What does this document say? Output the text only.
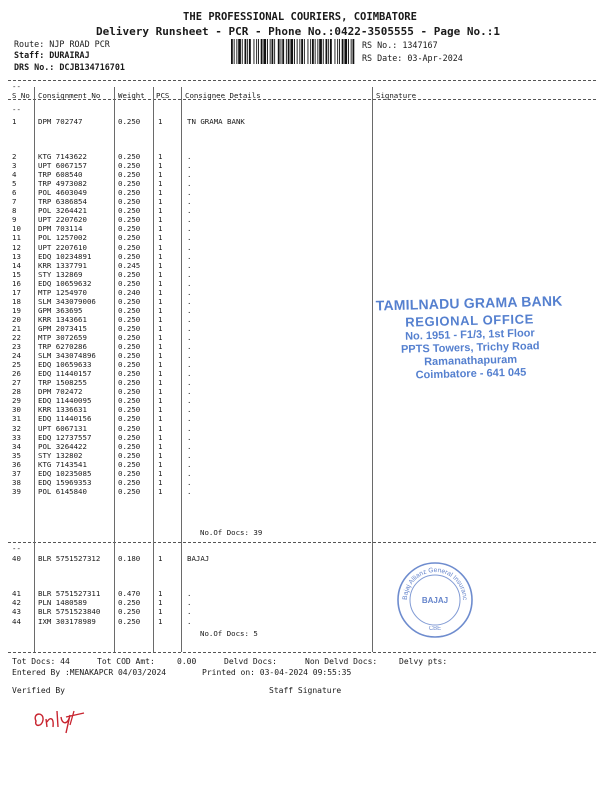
THE PROFESSIONAL COURIERS, COIMBATORE
Delivery Runsheet - PCR - Phone No.:0422-3505555 - Page No.:1
Route: NJP ROAD PCR
Staff: DURAIRAJ
DRS No.: DCJB134716701
RS No.: 1347167
RS Date: 03-Apr-2024
--
S No Consignment No Weight PCS Consignee Details	Signature
--
1	DPM 702747	0.250 1	TN GRAMA BANK
2	KTG 7143622	0.250 1	.
3	UPT 6067157	0.250 1	.
4	TRP 608540	0.250 1	.
5	TRP 4973082	0.250 1	.
6	POL 4603049	0.250 1	.
7	TRP 6386854	0.250 1	.
8	POL 3264421	0.250 1	.
9	UPT 2207620	0.250 1	.
10 DPM 703114	0.250 1	.
11 POL 1257002	0.250 1	.
12 UPT 2207610	0.250 1	.
13 EDQ 10234891	0.250 1	.
14 KRR 1337791	0.245 1	.
15 STY 132869	0.250 1	.
16 EDQ 10659632	0.250 1	.
17 MTP 1254970	0.240 1	.
18 SLM 343079006	0.250 1	.
19 GPM 363695	0.250 1	.
20 KRR 1343661	0.250 1	.
21 GPM 2073415	0.250 1	.
22 MTP 3072659	0.250 1	.
23 TRP 6270286	0.250 1	.
24 SLM 343074896	0.250 1	.
25 EDQ 10659633	0.250 1	.
26 EDQ 11440157	0.250 1	.
27 TRP 1508255	0.250 1	.
28 DPM 702472	0.250 1	.
29 EDQ 11440095	0.250 1	.
30 KRR 1336631	0.250 1	.
31 EDQ 11440156	0.250 1	.
32 UPT 6067131	0.250 1	.
33 EDQ 12737557	0.250 1	.
34 POL 3264422	0.250 1	.
35 STY 132802	0.250 1	.
36 KTG 7143541	0.250 1	.
37 EDQ 10235085	0.250 1	.
38 EDQ 15969353	0.250 1	.
39 POL 6145840	0.250 1	.
No.Of Docs: 39
--
40 BLR 5751527312 0.180 1	BAJAJ
41 BLR 5751527311 0.470 1	.
42 PLN 1480589	0.250 1	.
43 BLR 5751523840 0.250 1	.
44 IXM 303178989	0.250 1	.
No.Of Docs: 5
Tot Docs: 44	Tot COD Amt:	0.00	Delvd Docs:	Non Delvd Docs:	Delvy pts:
Entered By :MENAKAPCR 04/03/2024	Printed on: 03-04-2024 09:55:35
Verified By	Staff Signature
TAMILNADU GRAMA BANK
REGIONAL OFFICE
No. 1951 - F1/3, 1st Floor
PPTS Towers, Trichy Road
Ramanathapuram
Coimbatore - 641 045
Bajaj Allianz General Insuranc
BAJAJ
CBE
